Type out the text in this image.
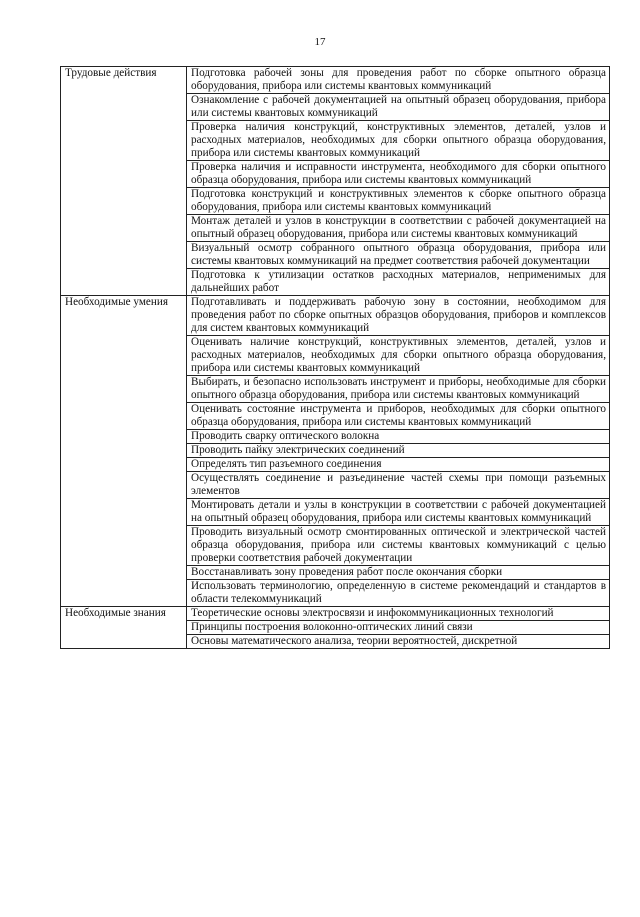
17
Трудовые действия	Подготовка рабочей зоны для проведения работ по сборке опытного образца оборудования, прибора или системы квантовых коммуникаций
	Ознакомление с рабочей документацией на опытный образец оборудования, прибора или системы квантовых коммуникаций
	Проверка наличия конструкций, конструктивных элементов, деталей, узлов и расходных материалов, необходимых для сборки опытного образца оборудования, прибора или системы квантовых коммуникаций
	Проверка наличия и исправности инструмента, необходимого для сборки опытного образца оборудования, прибора или системы квантовых коммуникаций
	Подготовка конструкций и конструктивных элементов к сборке опытного образца оборудования, прибора или системы квантовых коммуникаций
	Монтаж деталей и узлов в конструкции в соответствии с рабочей документацией на опытный образец оборудования, прибора или системы квантовых коммуникаций
	Визуальный осмотр собранного опытного образца оборудования, прибора или системы квантовых коммуникаций на предмет соответствия рабочей документации
	Подготовка к утилизации остатков расходных материалов, неприменимых для дальнейших работ
Необходимые умения	Подготавливать и поддерживать рабочую зону в состоянии, необходимом для проведения работ по сборке опытных образцов оборудования, приборов и комплексов для систем квантовых коммуникаций
	Оценивать наличие конструкций, конструктивных элементов, деталей, узлов и расходных материалов, необходимых для сборки опытного образца оборудования, прибора или системы квантовых коммуникаций
	Выбирать, и безопасно использовать инструмент и приборы, необходимые для сборки опытного образца оборудования, прибора или системы квантовых коммуникаций
	Оценивать состояние инструмента и приборов, необходимых для сборки опытного образца оборудования, прибора или системы квантовых коммуникаций
	Проводить сварку оптического волокна
	Проводить пайку электрических соединений
	Определять тип разъемного соединения
	Осуществлять соединение и разъединение частей схемы при помощи разъемных элементов
	Монтировать детали и узлы в конструкции в соответствии с рабочей документацией на опытный образец оборудования, прибора или системы квантовых коммуникаций
	Проводить визуальный осмотр смонтированных оптической и электрической частей образца оборудования, прибора или системы квантовых коммуникаций с целью проверки соответствия рабочей документации
	Восстанавливать зону проведения работ после окончания сборки
	Использовать терминологию, определенную в системе рекомендаций и стандартов в области телекоммуникаций
Необходимые знания	Теоретические основы электросвязи и инфокоммуникационных технологий
	Принципы построения волоконно-оптических линий связи
	Основы математического анализа, теории вероятностей, дискретной
